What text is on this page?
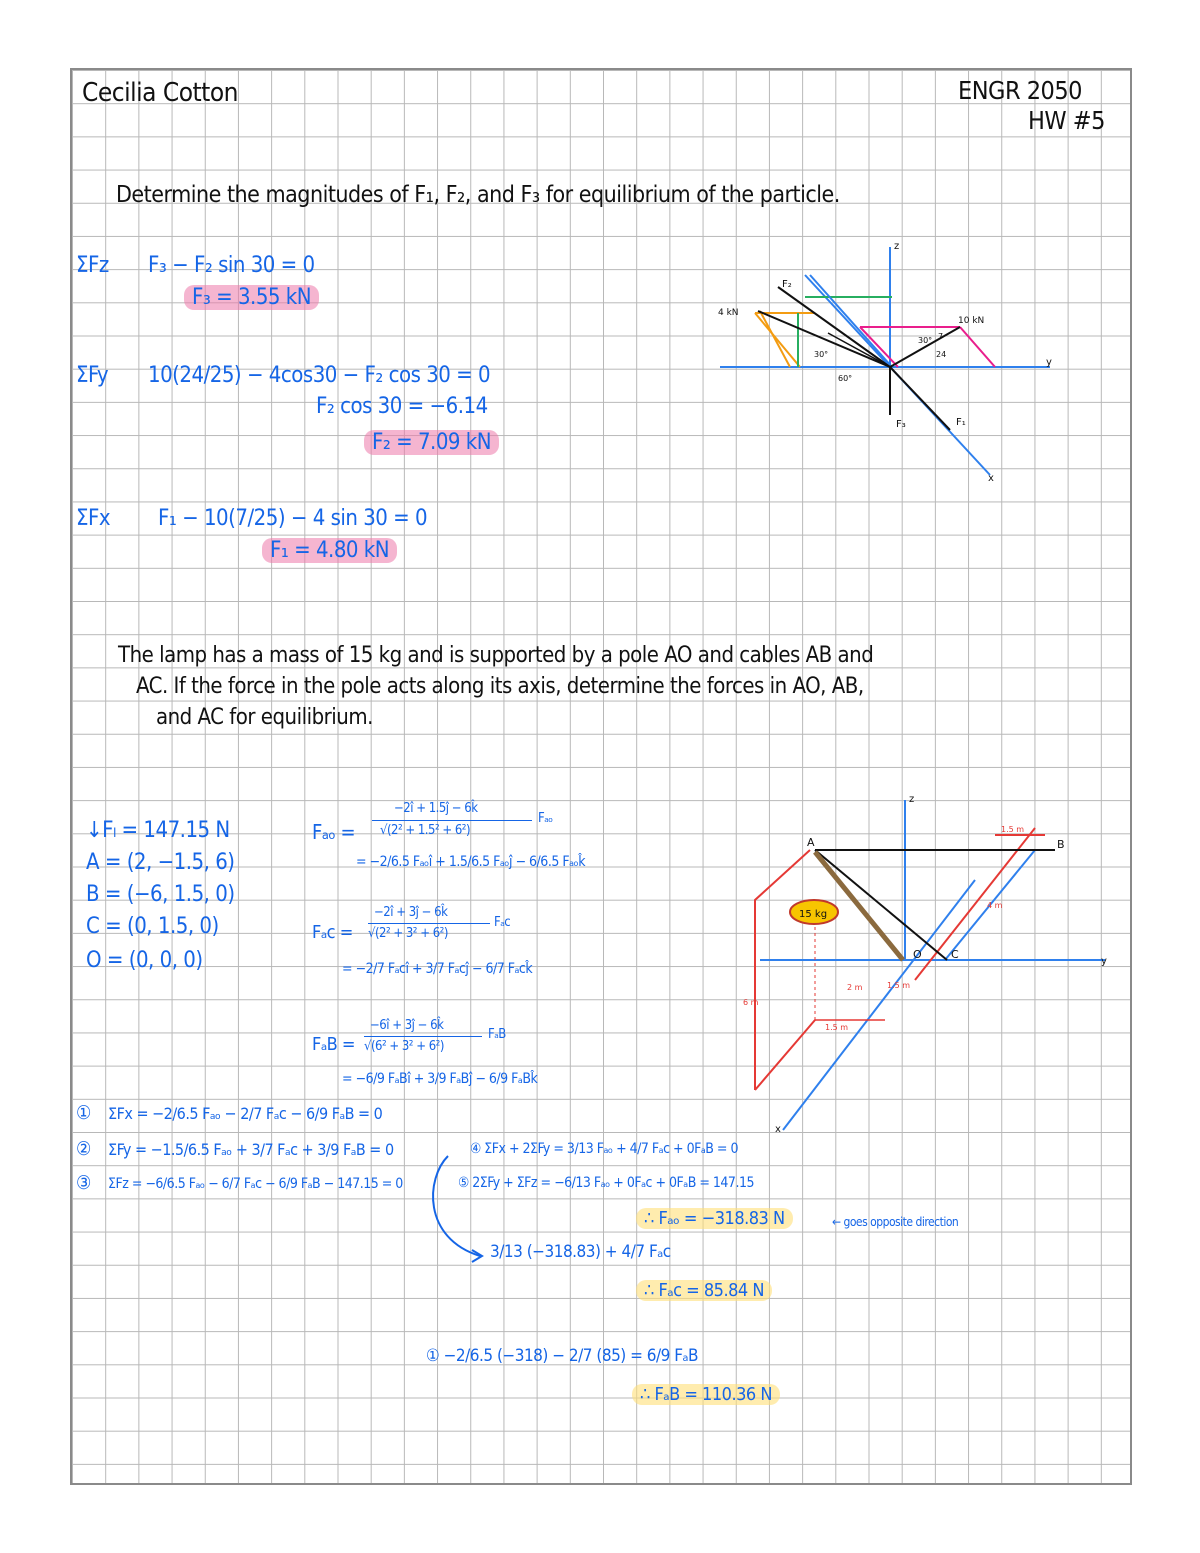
Cecilia Cotton	ENGR 2050
HW #5
Determine the magnitudes of F₁, F₂, and F₃ for equilibrium of the particle.
ΣFz F₃ − F₂ sin 30 = 0
F₃ = 3.55 kN
ΣFy 10(24/25) − 4cos30 − F₂ cos 30 = 0
F₂ cos 30 = −6.14
F₂ = 7.09 kN
ΣFx F₁ − 10(7/25) − 4 sin 30 = 0
F₁ = 4.80 kN
z
y
x
F₁
F₂
F₃
4 kN
10 kN
30°
60°
30° 7
24
The lamp has a mass of 15 kg and is supported by a pole AO and cables AB and
AC. If the force in the pole acts along its axis, determine the forces in AO, AB,
and AC for equilibrium.
↓Fₗ = 147.15 N
A = (2, −1.5, 6)
B = (−6, 1.5, 0)
C = (0, 1.5, 0)
O = (0, 0, 0)
Fₐₒ =
−2î + 1.5ĵ − 6k̂
√(2² + 1.5² + 6²)
Fₐₒ
= −2/6.5 Fₐₒî + 1.5/6.5 Fₐₒĵ − 6/6.5 Fₐₒk̂
Fₐc =
−2î + 3ĵ − 6k̂
√(2² + 3² + 6²)
Fₐc
= −2/7 Fₐcî + 3/7 Fₐcĵ − 6/7 Fₐck̂
FₐB =
−6î + 3ĵ − 6k̂
√(6² + 3² + 6²)
FₐB
= −6/9 FₐBî + 3/9 FₐBĵ − 6/9 FₐBk̂
① ΣFx = −2/6.5 Fₐₒ − 2/7 Fₐc − 6/9 FₐB = 0
② ΣFy = −1.5/6.5 Fₐₒ + 3/7 Fₐc + 3/9 FₐB = 0
③ ΣFz = −6/6.5 Fₐₒ − 6/7 Fₐc − 6/9 FₐB − 147.15 = 0
④ ΣFx + 2ΣFy = 3/13 Fₐₒ + 4/7 Fₐc + 0FₐB = 0
⑤ 2ΣFy + ΣFz = −6/13 Fₐₒ + 0Fₐc + 0FₐB = 147.15
∴ Fₐₒ = −318.83 N	← goes opposite direction
3/13 (−318.83) + 4/7 Fₐc
∴ Fₐc = 85.84 N
① −2/6.5 (−318) − 2/7 (85) = 6/9 FₐB
∴ FₐB = 110.36 N
15 kg
z
y
x
A	B
C
O
6 m
1.5 m
1.5 m
2 m
1.5 m
4 m
